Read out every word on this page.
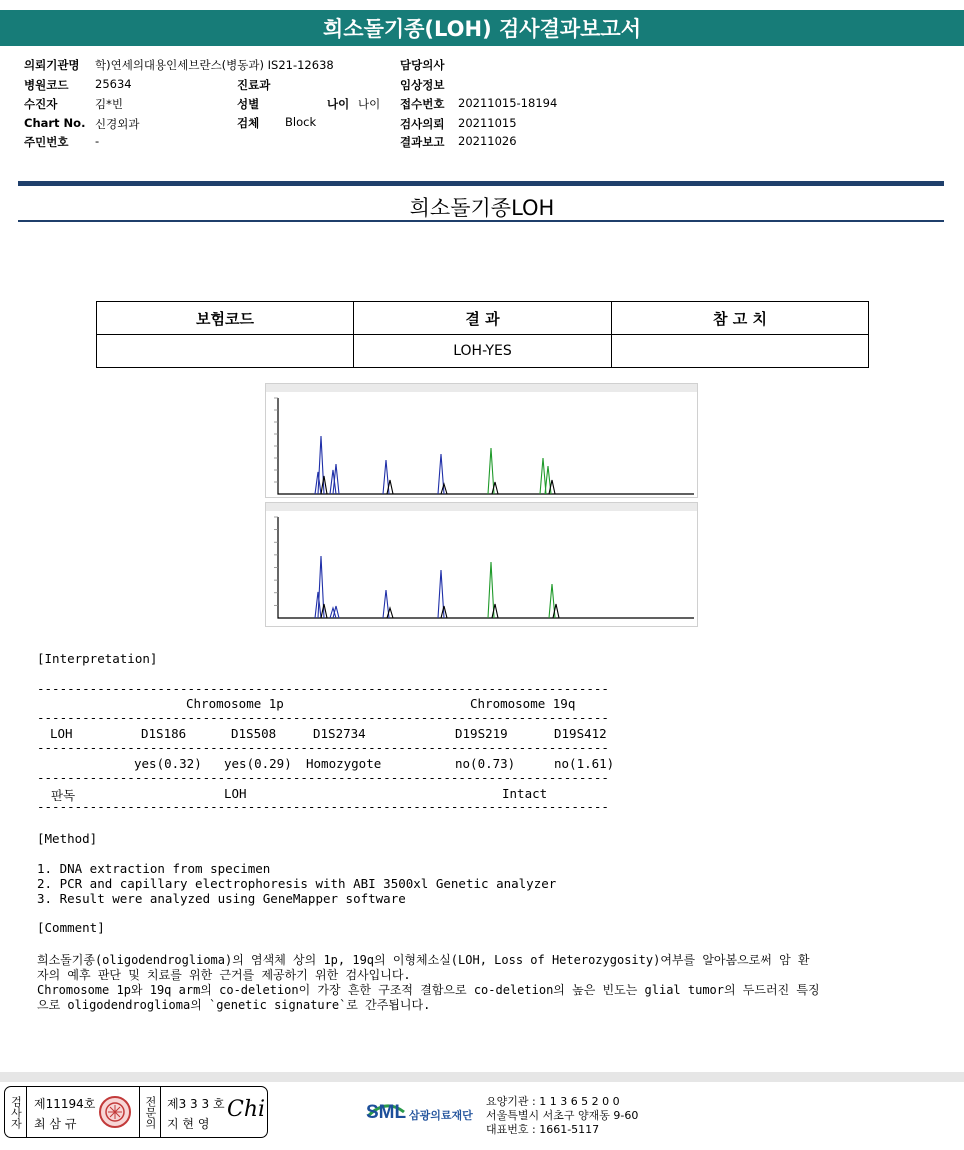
희소돌기종(LOH) 검사결과보고서
의뢰기관명 학)연세의대용인세브란스(병동과) IS21-12638
병원코드 25634
수진자	김*빈
Chart No. 신경외과
주민번호 -
진료과
성별
검체 Block
나이 나이
담당의사
임상정보
접수번호 20211015-18194
검사의뢰 20211015
결과보고 20211026
희소돌기종LOH
보험코드	결 과	참 고 치
	LOH-YES	
[Interpretation]
----------------------------------------------------------------------------
Chromosome 1p	Chromosome 19q
----------------------------------------------------------------------------
LOH	D1S186	D1S508	D1S2734	D19S219	D19S412
----------------------------------------------------------------------------
yes(0.32) yes(0.29) Homozygote	no(0.73)	no(1.61)
----------------------------------------------------------------------------
판독	LOH	Intact
----------------------------------------------------------------------------
[Method]
1. DNA extraction from specimen
2. PCR and capillary electrophoresis with ABI 3500xl Genetic analyzer
3. Result were analyzed using GeneMapper software
[Comment]
희소돌기종(oligodendroglioma)의 염색체 상의 1p, 19q의 이형체소실(LOH, Loss of Heterozygosity)여부를 알아봄으로써 암 환
자의 예후 판단 및 치료를 위한 근거를 제공하기 위한 검사입니다.
Chromosome 1p와 19q arm의 co-deletion이 가장 흔한 구조적 결함으로 co-deletion의 높은 빈도는 glial tumor의 두드러진 특징
으로 oligodendroglioma의 `genetic signature`로 간주됩니다.
검사자 제11194호
최 삼 규	전문의 제3 3 3 호
지 현 영
Chi	SML 삼광의료재단
요양기관 : 1 1 3 6 5 2 0 0
서울특별시 서초구 양재동 9-60
대표번호 : 1661-5117
